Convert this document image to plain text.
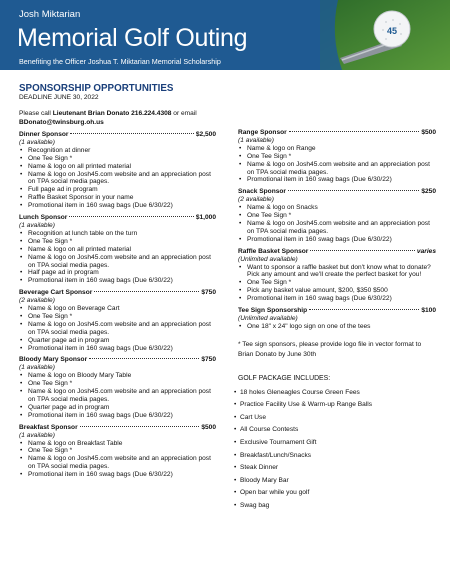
Josh Miktarian
Memorial Golf Outing
Benefiting the Officer Joshua T. Miktarian Memorial Scholarship
45
SPONSORSHIP OPPORTUNITIES
DEADLINE JUNE 30, 2022
Please call Lieutenant Brian Donato 216.224.4308 or email
BDonato@twinsburg.oh.us
Dinner Sponsor	$2,500
(1 available)
• Recognition at dinner
• One Tee Sign *
• Name & logo on all printed material
• Name & logo on Josh45.com website and an appreciation post on TPA social media pages.
• Full page ad in program
• Raffle Basket Sponsor in your name
• Promotional item in 160 swag bags (Due 6/30/22)
Lunch Sponsor	$1,000
(1 available)
• Recognition at lunch table on the turn
• One Tee Sign *
• Name & logo on all printed material
• Name & logo on Josh45.com website and an appreciation post on TPA social media pages.
• Half page ad in program
• Promotional item in 160 swag bags (Due 6/30/22)
Beverage Cart Sponsor	$750
(2 available)
• Name & logo on Beverage Cart
• One Tee Sign *
• Name & logo on Josh45.com website and an appreciation post on TPA social media pages.
• Quarter page ad in program
• Promotional item in 160 swag bags (Due 6/30/22)
Bloody Mary Sponsor	$750
(1 available)
• Name & logo on Bloody Mary Table
• One Tee Sign *
• Name & logo on Josh45.com website and an appreciation post on TPA social media pages.
• Quarter page ad in program
• Promotional item in 160 swag bags (Due 6/30/22)
Breakfast Sponsor	$500
(1 available)
• Name & logo on Breakfast Table
• One Tee Sign *
• Name & logo on Josh45.com website and an appreciation post on TPA social media pages.
• Promotional item in 160 swag bags (Due 6/30/22)
Range Sponsor	$500
(1 available)
• Name & logo on Range
• One Tee Sign *
• Name & logo on Josh45.com website and an appreciation post on TPA social media pages.
• Promotional item in 160 swag bags (Due 6/30/22)
Snack Sponsor	$250
(2 available)
• Name & logo on Snacks
• One Tee Sign *
• Name & logo on Josh45.com website and an appreciation post on TPA social media pages.
• Promotional item in 160 swag bags (Due 6/30/22)
Raffle Basket Sponsor	varies
(Unlimited available)
• Want to sponsor a raffle basket but don't know what to donate? Pick any amount and we'll create the perfect basket for you!
• One Tee Sign *
• Pick any basket value amount, $200, $350 $500
• Promotional item in 160 swag bags (Due 6/30/22)
Tee Sign Sponsorship	$100
(Unlimited available)
• One 18" x 24" logo sign on one of the tees
* Tee sign sponsors, please provide logo file in vector format to Brian Donato by June 30th
GOLF PACKAGE INCLUDES:
• 18 holes Gleneagles Course Green Fees
• Practice Facility Use & Warm-up Range Balls
• Cart Use
• All Course Contests
• Exclusive Tournament Gift
• Breakfast/Lunch/Snacks
• Steak Dinner
• Bloody Mary Bar
• Open bar while you golf
• Swag bag
